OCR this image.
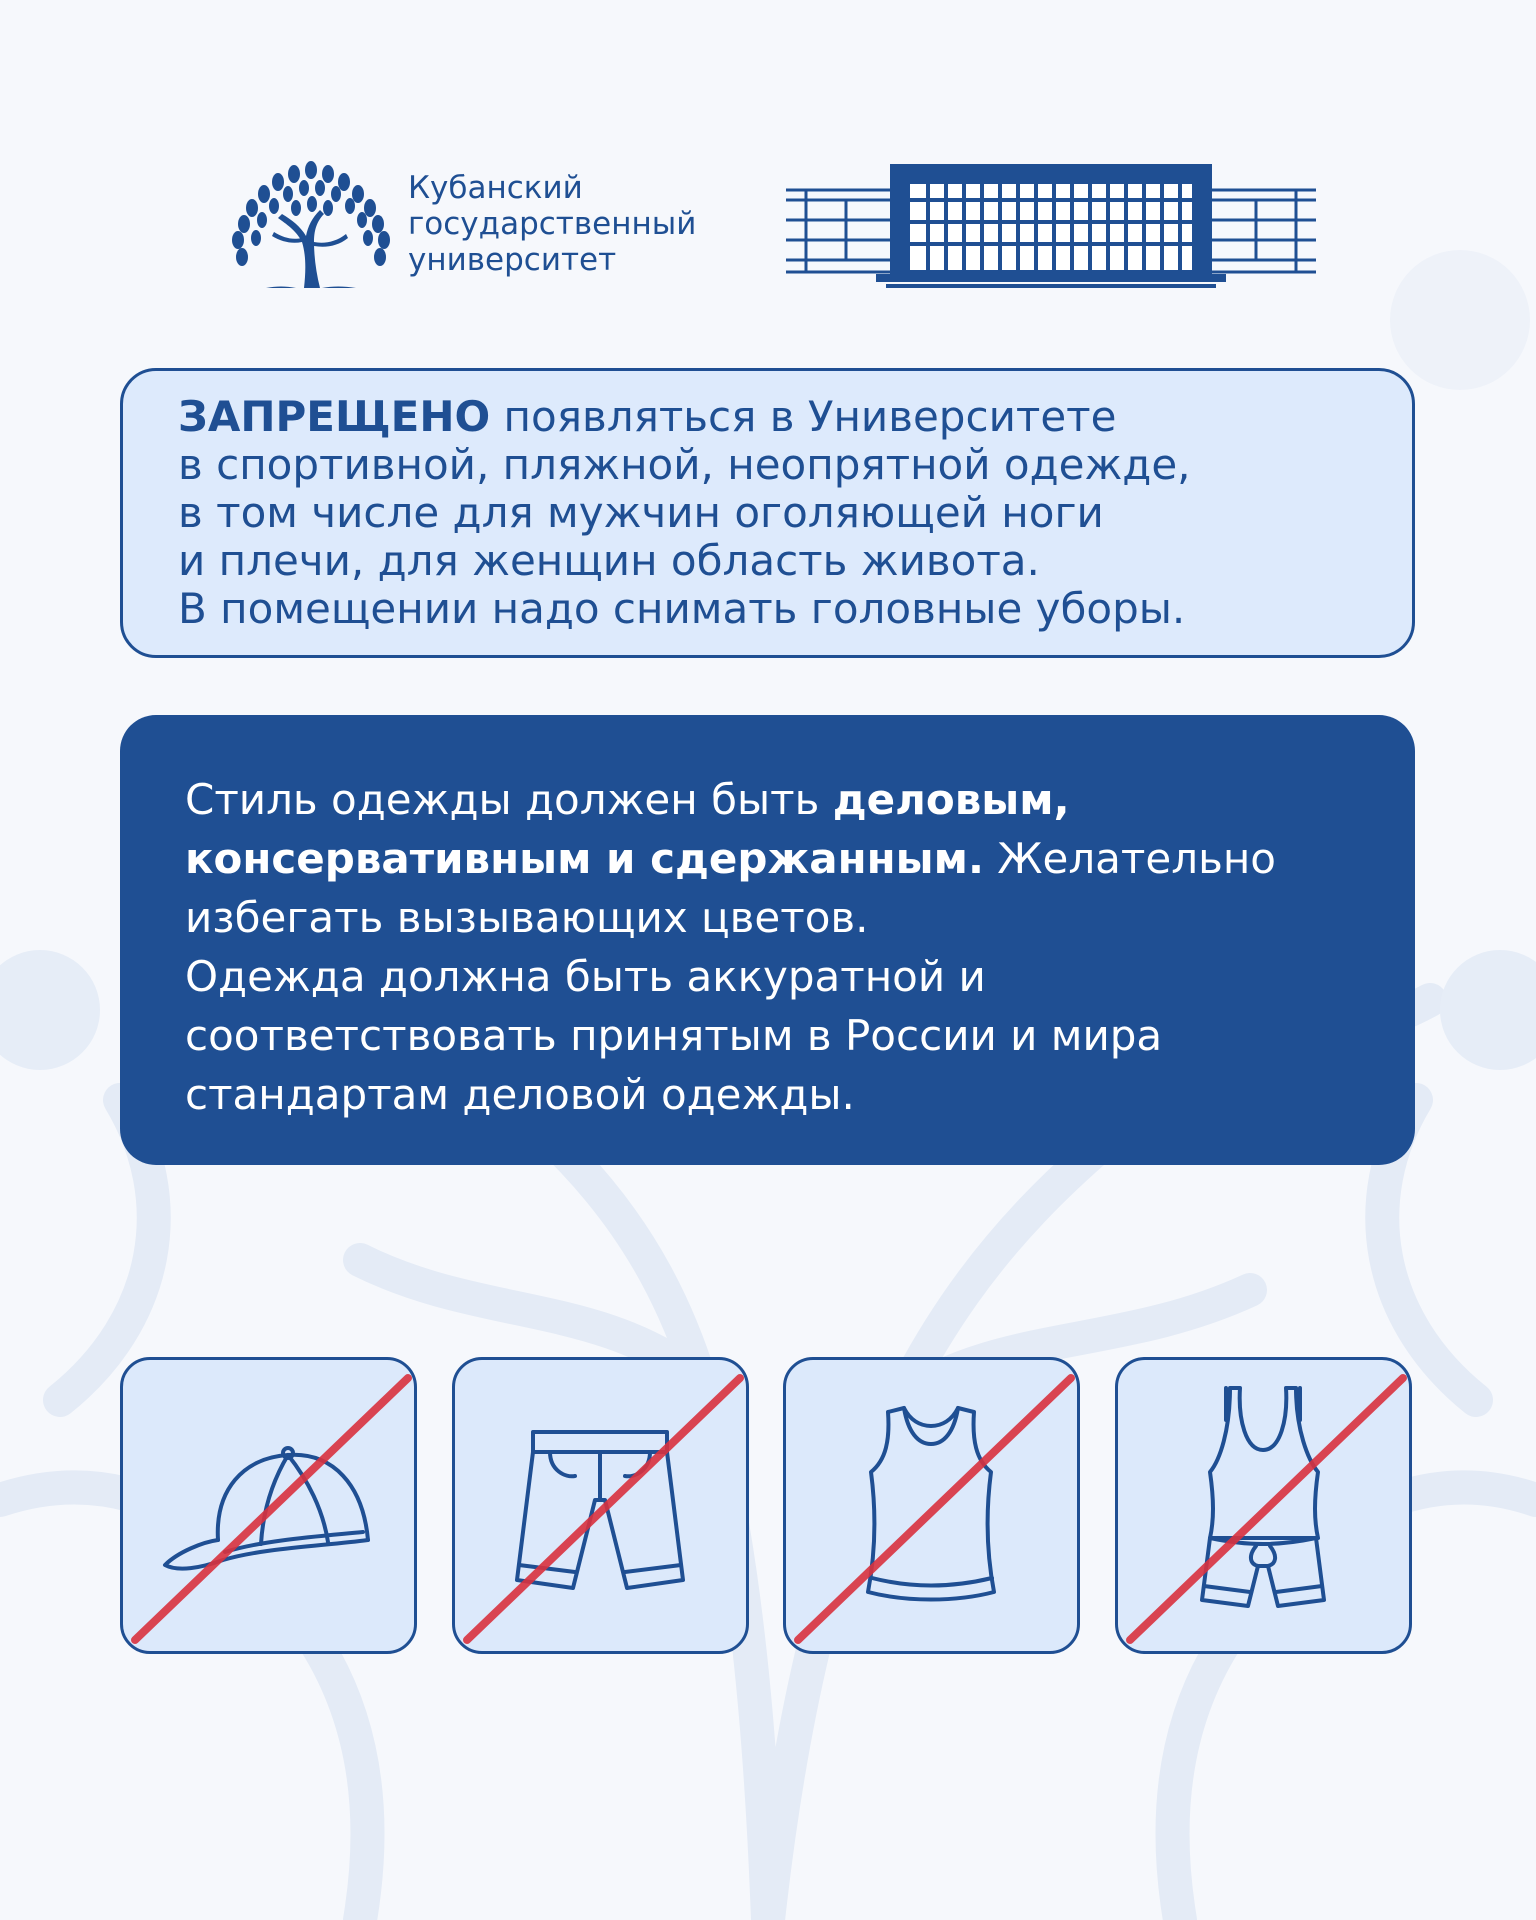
Кубанский
государственный
университет
ЗАПРЕЩЕНО появляться в Университете
в спортивной, пляжной, неопрятной одежде,
в том числе для мужчин оголяющей ноги
и плечи, для женщин область живота.
В помещении надо снимать головные уборы.
Стиль одежды должен быть деловым,
консервативным и сдержанным. Желательно
избегать вызывающих цветов.
Одежда должна быть аккуратной и
соответствовать принятым в России и мира
стандартам деловой одежды.
